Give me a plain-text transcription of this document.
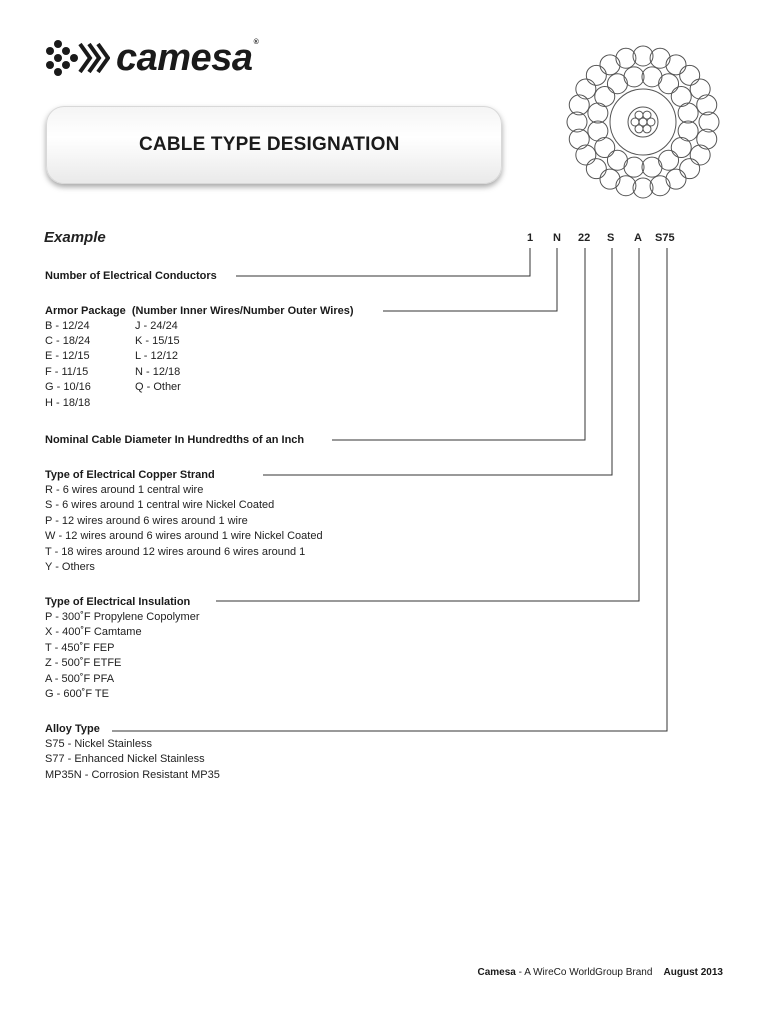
camesa®
CABLE TYPE DESIGNATION
Example	1 N 22 S A S75
Number of Electrical Conductors
Armor Package (Number Inner Wires/Number Outer Wires)
B - 12/24
C - 18/24
E - 12/15
F - 11/15
G - 10/16
H - 18/18
J - 24/24
K - 15/15
L - 12/12
N - 12/18
Q - Other
Nominal Cable Diameter In Hundredths of an Inch
Type of Electrical Copper Strand
R - 6 wires around 1 central wire
S - 6 wires around 1 central wire Nickel Coated
P - 12 wires around 6 wires around 1 wire
W - 12 wires around 6 wires around 1 wire Nickel Coated
T - 18 wires around 12 wires around 6 wires around 1
Y - Others
Type of Electrical Insulation
P - 300˚F Propylene Copolymer
X - 400˚F Camtame
T - 450˚F FEP
Z - 500˚F ETFE
A - 500˚F PFA
G - 600˚F TE
Alloy Type
S75 - Nickel Stainless
S77 - Enhanced Nickel Stainless
MP35N - Corrosion Resistant MP35
Camesa - A WireCo WorldGroup Brand August 2013
